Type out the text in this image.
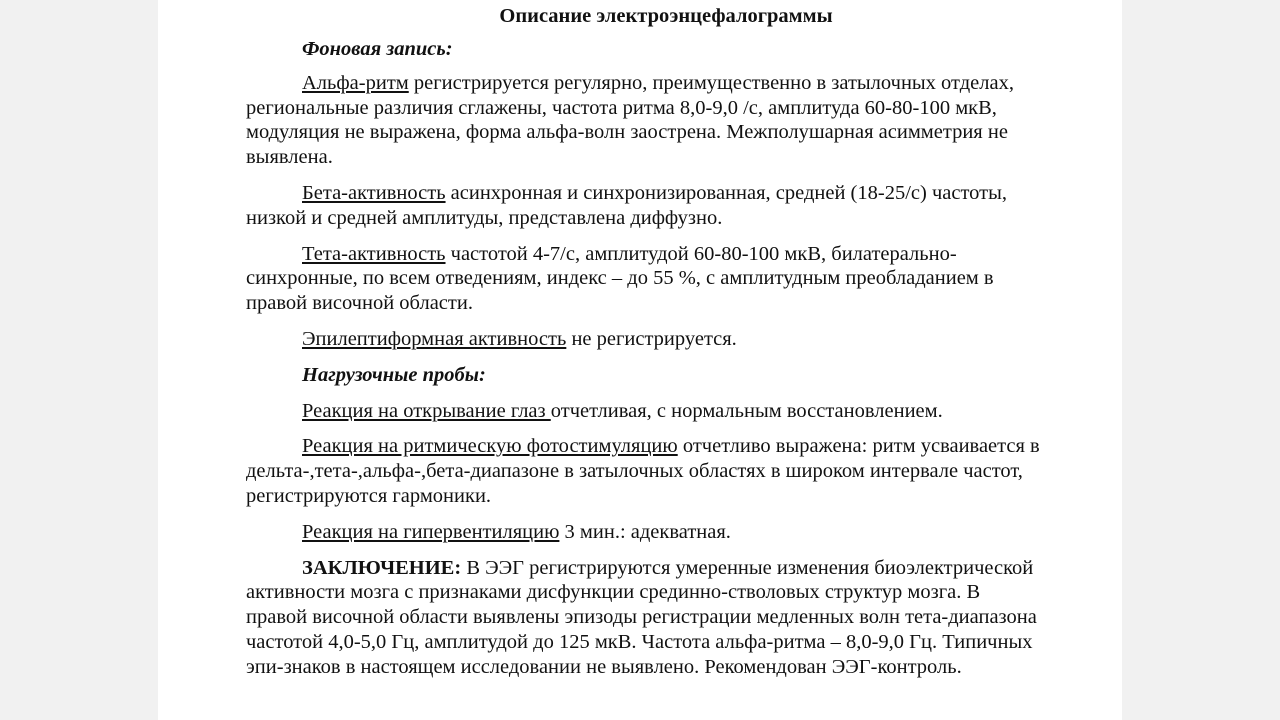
Описание электроэнцефалограммы

Фоновая запись:

Альфа-ритм регистрируется регулярно, преимущественно в затылочных отделах, региональные различия сглажены, частота ритма 8,0-9,0 /с, амплитуда 60-80-100 мкВ, модуляция не выражена, форма альфа-волн заострена. Межполушарная асимметрия не выявлена.

Бета-активность асинхронная и синхронизированная, средней (18-25/с) частоты, низкой и средней амплитуды, представлена диффузно.

Тета-активность частотой 4-7/с, амплитудой 60-80-100 мкВ, билатерально-синхронные, по всем отведениям, индекс – до 55 %, с амплитудным преобладанием в правой височной области.

Эпилептиформная активность не регистрируется.

Нагрузочные пробы:

Реакция на открывание глаз отчетливая, с нормальным восстановлением.

Реакция на ритмическую фотостимуляцию отчетливо выражена: ритм усваивается в дельта-,тета-,альфа-,бета-диапазоне в затылочных областях в широком интервале частот, регистрируются гармоники.

Реакция на гипервентиляцию 3 мин.: адекватная.

ЗАКЛЮЧЕНИЕ: В ЭЭГ регистрируются умеренные изменения биоэлектрической активности мозга с признаками дисфункции срединно-стволовых структур мозга. В правой височной области выявлены эпизоды регистрации медленных волн тета-диапазона частотой 4,0-5,0 Гц, амплитудой до 125 мкВ. Частота альфа-ритма – 8,0-9,0 Гц. Типичных эпи-знаков в настоящем исследовании не выявлено. Рекомендован ЭЭГ-контроль.
